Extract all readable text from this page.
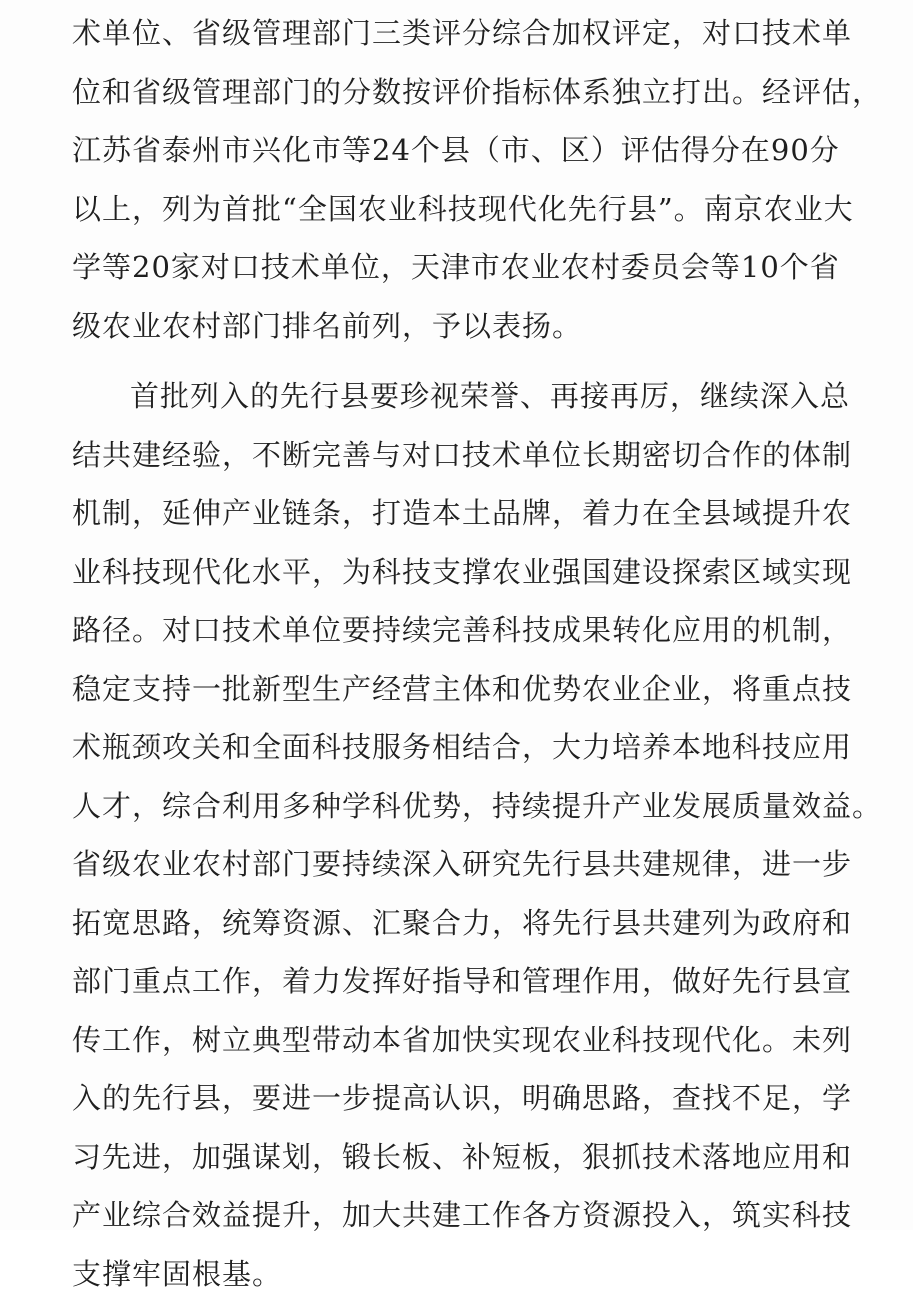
术单位、省级管理部门三类评分综合加权评定，对口技术单
位和省级管理部门的分数按评价指标体系独立打出。经评估，
江苏省泰州市兴化市等24个县（市、区）评估得分在90分
以上，列为首批“全国农业科技现代化先行县”。南京农业大
学等20家对口技术单位，天津市农业农村委员会等10个省
级农业农村部门排名前列，予以表扬。
首批列入的先行县要珍视荣誉、再接再厉，继续深入总
结共建经验，不断完善与对口技术单位长期密切合作的体制
机制，延伸产业链条，打造本土品牌，着力在全县域提升农
业科技现代化水平，为科技支撑农业强国建设探索区域实现
路径。对口技术单位要持续完善科技成果转化应用的机制，
稳定支持一批新型生产经营主体和优势农业企业，将重点技
术瓶颈攻关和全面科技服务相结合，大力培养本地科技应用
人才，综合利用多种学科优势，持续提升产业发展质量效益。
省级农业农村部门要持续深入研究先行县共建规律，进一步
拓宽思路，统筹资源、汇聚合力，将先行县共建列为政府和
部门重点工作，着力发挥好指导和管理作用，做好先行县宣
传工作，树立典型带动本省加快实现农业科技现代化。未列
入的先行县，要进一步提高认识，明确思路，查找不足，学
习先进，加强谋划，锻长板、补短板，狠抓技术落地应用和
产业综合效益提升，加大共建工作各方资源投入，筑实科技
支撑牢固根基。
